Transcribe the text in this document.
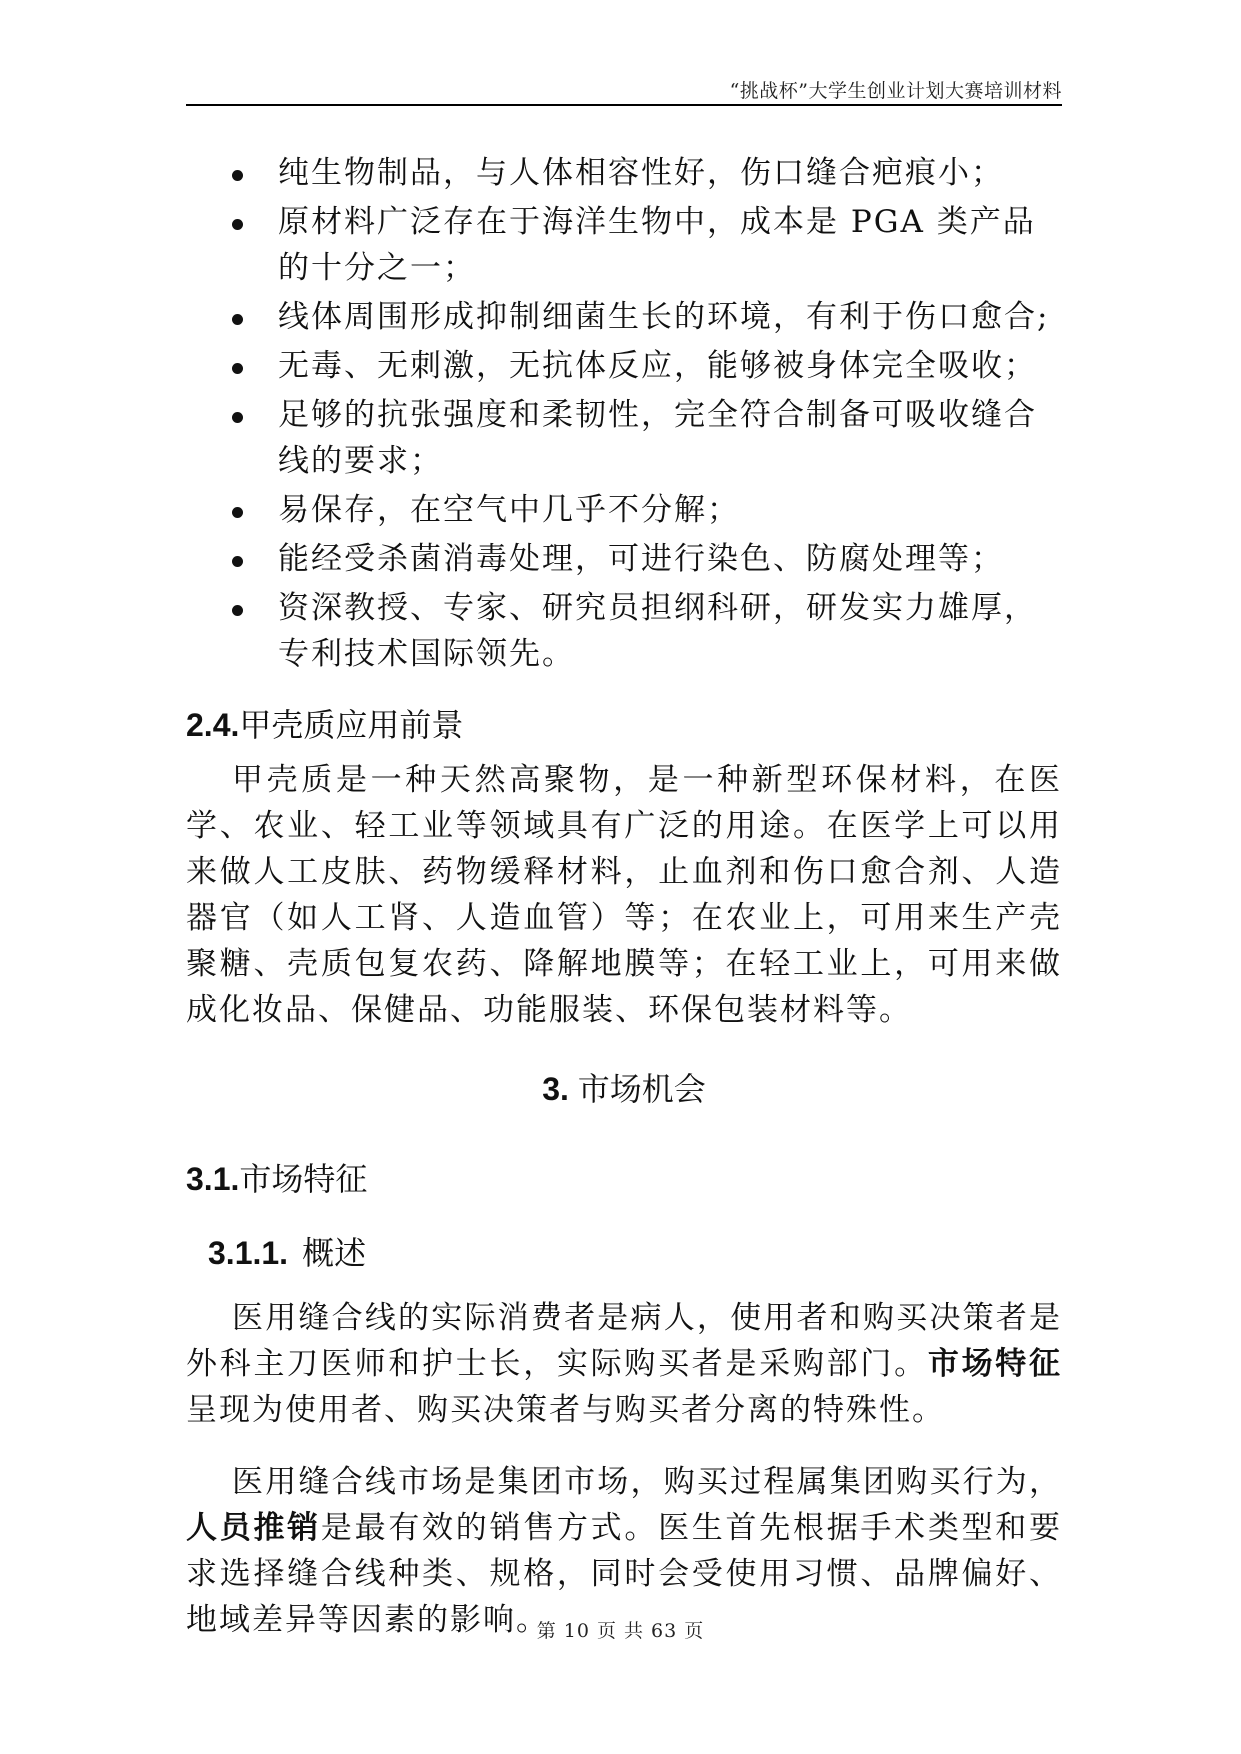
“挑战杯”大学生创业计划大赛培训材料
纯生物制品，与人体相容性好，伤口缝合疤痕小；
原材料广泛存在于海洋生物中，成本是 PGA 类产品的十分之一；
线体周围形成抑制细菌生长的环境，有利于伤口愈合;
无毒、无刺激，无抗体反应，能够被身体完全吸收；
足够的抗张强度和柔韧性，完全符合制备可吸收缝合线的要求；
易保存，在空气中几乎不分解；
能经受杀菌消毒处理，可进行染色、防腐处理等；
资深教授、专家、研究员担纲科研，研发实力雄厚，专利技术国际领先。
2.4.甲壳质应用前景

甲壳质是一种天然高聚物，是一种新型环保材料，在医学、农业、轻工业等领域具有广泛的用途。在医学上可以用来做人工皮肤、药物缓释材料，止血剂和伤口愈合剂、人造器官（如人工肾、人造血管）等；在农业上，可用来生产壳聚糖、壳质包复农药、降解地膜等；在轻工业上，可用来做成化妆品、保健品、功能服装、环保包装材料等。

3. 市场机会
3.1.市场特征
3.1.1. 概述

医用缝合线的实际消费者是病人，使用者和购买决策者是外科主刀医师和护士长，实际购买者是采购部门。市场特征呈现为使用者、购买决策者与购买者分离的特殊性。

医用缝合线市场是集团市场，购买过程属集团购买行为，人员推销是最有效的销售方式。医生首先根据手术类型和要求选择缝合线种类、规格，同时会受使用习惯、品牌偏好、地域差异等因素的影响。

第 10 页 共 63 页
